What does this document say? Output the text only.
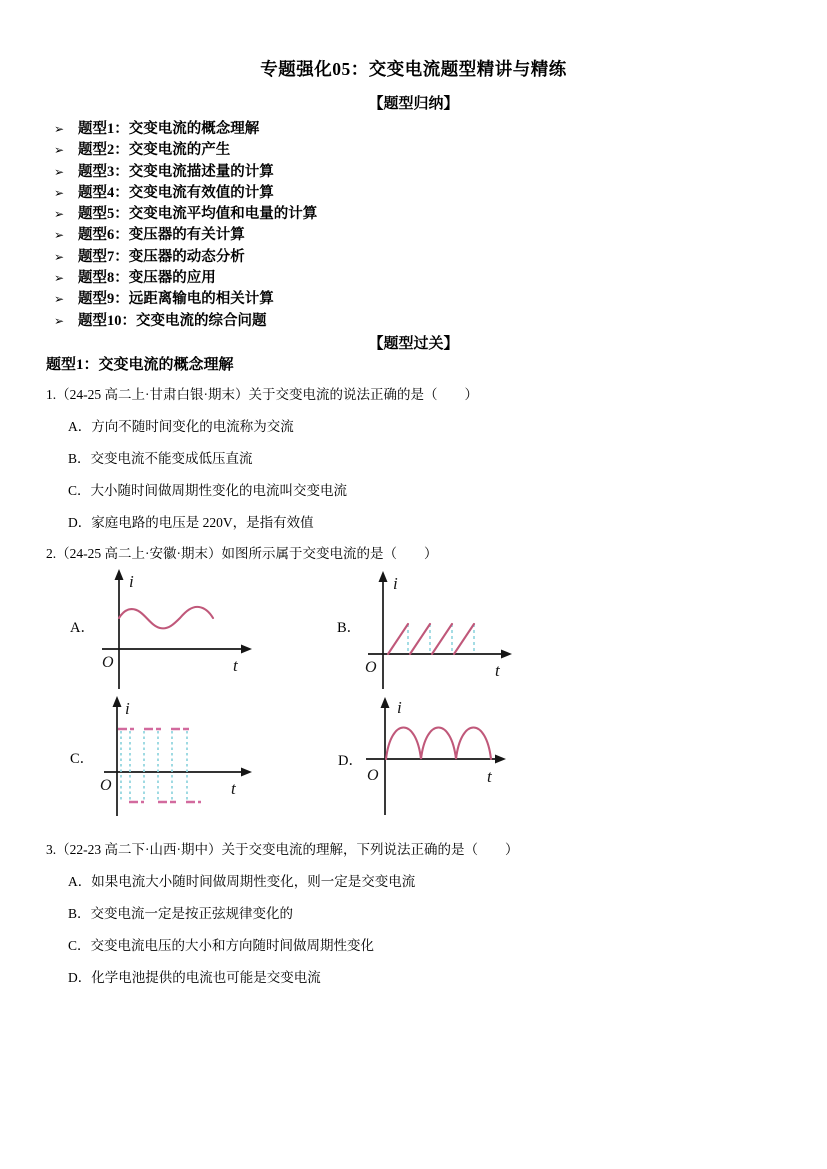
专题强化05：交变电流题型精讲与精练
【题型归纳】
➢ 题型1：交变电流的概念理解
➢ 题型2：交变电流的产生
➢ 题型3：交变电流描述量的计算
➢ 题型4：交变电流有效值的计算
➢ 题型5：交变电流平均值和电量的计算
➢ 题型6：变压器的有关计算
➢ 题型7：变压器的动态分析
➢ 题型8：变压器的应用
➢ 题型9：远距离输电的相关计算
➢ 题型10：交变电流的综合问题
【题型过关】
题型1：交变电流的概念理解

1.（24-25 高二上·甘肃白银·期末）关于交变电流的说法正确的是（　　）

A．方向不随时间变化的电流称为交流

B．交变电流不能变成低压直流

C．大小随时间做周期性变化的电流叫交变电流

D．家庭电路的电压是 220V，是指有效值

2.（24-25 高二上·安徽·期末）如图所示属于交变电流的是（　　）

A．
i
t
O
B．
i
t
O
C．
i
t
O
D．
i
t
O

3.（22-23 高二下·山西·期中）关于交变电流的理解，下列说法正确的是（　　）

A．如果电流大小随时间做周期性变化，则一定是交变电流

B．交变电流一定是按正弦规律变化的

C．交变电流电压的大小和方向随时间做周期性变化

D．化学电池提供的电流也可能是交变电流
